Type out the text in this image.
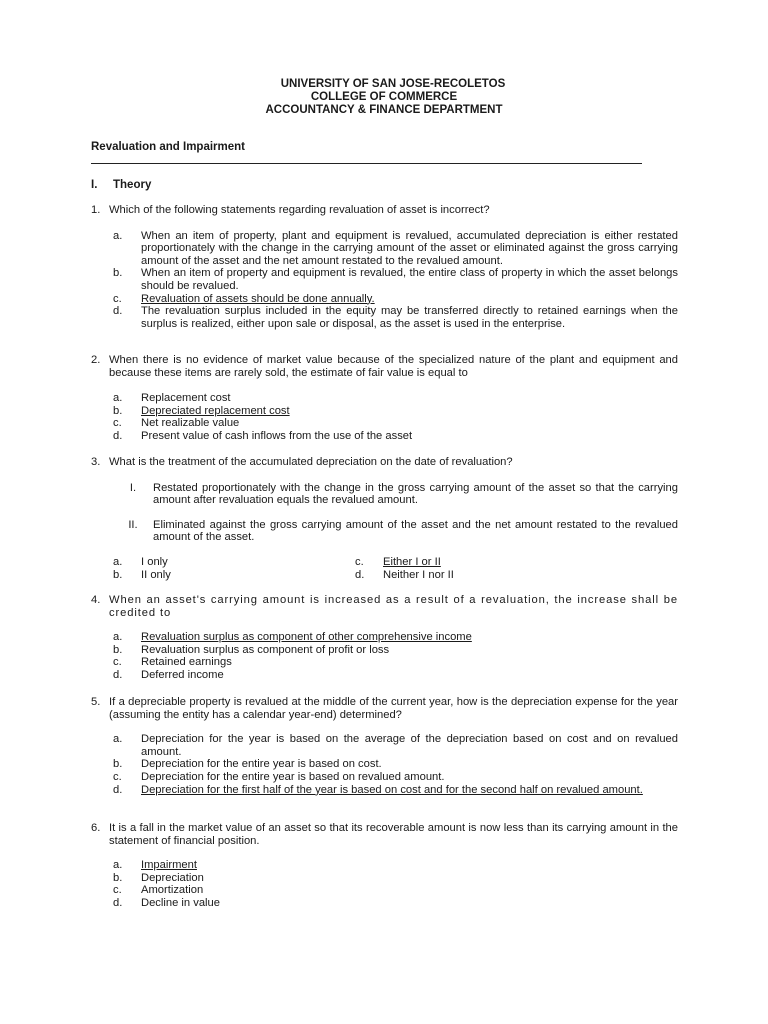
UNIVERSITY OF SAN JOSE-RECOLETOS
COLLEGE OF COMMERCE
ACCOUNTANCY & FINANCE DEPARTMENT
Revaluation and Impairment
I. Theory
1. Which of the following statements regarding revaluation of asset is incorrect?
a.	When an item of property, plant and equipment is revalued, accumulated depreciation is either restated proportionately with the change in the carrying amount of the asset or eliminated against the gross carrying amount of the asset and the net amount restated to the revalued amount.
b.	When an item of property and equipment is revalued, the entire class of property in which the asset belongs should be revalued.
c.	Revaluation of assets should be done annually.
d.	The revaluation surplus included in the equity may be transferred directly to retained earnings when the surplus is realized, either upon sale or disposal, as the asset is used in the enterprise.
2. When there is no evidence of market value because of the specialized nature of the plant and equipment and because these items are rarely sold, the estimate of fair value is equal to
a.	Replacement cost
b.	Depreciated replacement cost
c.	Net realizable value
d.	Present value of cash inflows from the use of the asset
3. What is the treatment of the accumulated depreciation on the date of revaluation?
I.	Restated proportionately with the change in the gross carrying amount of the asset so that the carrying amount after revaluation equals the revalued amount.
II.	Eliminated against the gross carrying amount of the asset and the net amount restated to the revalued amount of the asset.
a.	I only	c. Either I or II
b.	II only	d.	Neither I nor II
4. When an asset's carrying amount is increased as a result of a revaluation, the increase shall be credited to
a.	Revaluation surplus as component of other comprehensive income
b.	Revaluation surplus as component of profit or loss
c.	Retained earnings
d.	Deferred income
5. If a depreciable property is revalued at the middle of the current year, how is the depreciation expense for the year (assuming the entity has a calendar year-end) determined?
a.	Depreciation for the year is based on the average of the depreciation based on cost and on revalued amount.
b.	Depreciation for the entire year is based on cost.
c.	Depreciation for the entire year is based on revalued amount.
d.	Depreciation for the first half of the year is based on cost and for the second half on revalued amount.
6. It is a fall in the market value of an asset so that its recoverable amount is now less than its carrying amount in the statement of financial position.
a.	Impairment
b.	Depreciation
c.	Amortization
d.	Decline in value
